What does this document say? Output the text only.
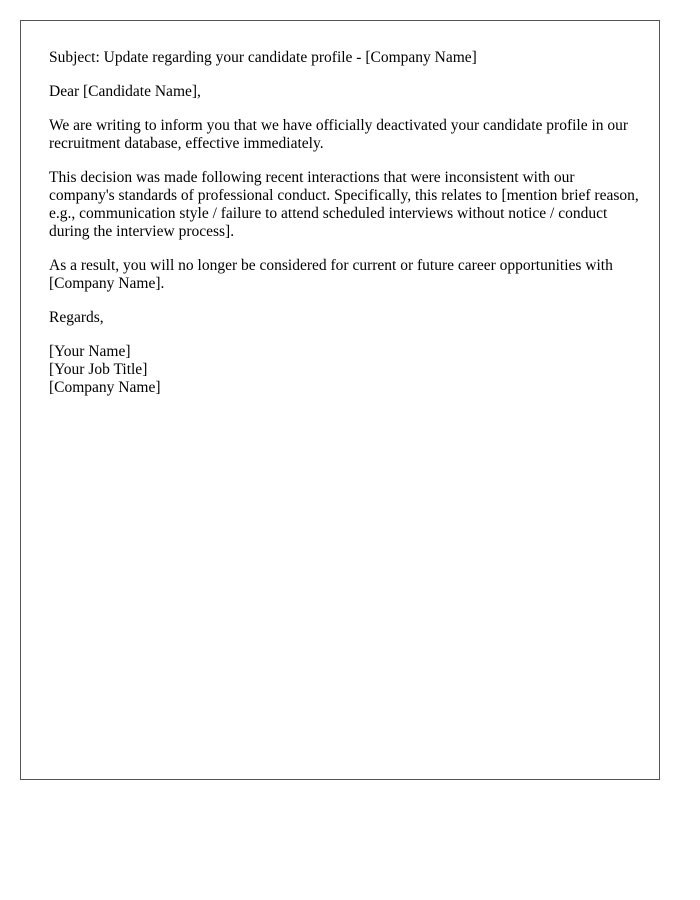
Subject: Update regarding your candidate profile - [Company Name]

Dear [Candidate Name],

We are writing to inform you that we have officially deactivated your candidate profile in our recruitment database, effective immediately.

This decision was made following recent interactions that were inconsistent with our company's standards of professional conduct. Specifically, this relates to [mention brief reason, e.g., communication style / failure to attend scheduled interviews without notice / conduct during the interview process].

As a result, you will no longer be considered for current or future career opportunities with [Company Name].

Regards,

[Your Name]
[Your Job Title]
[Company Name]
